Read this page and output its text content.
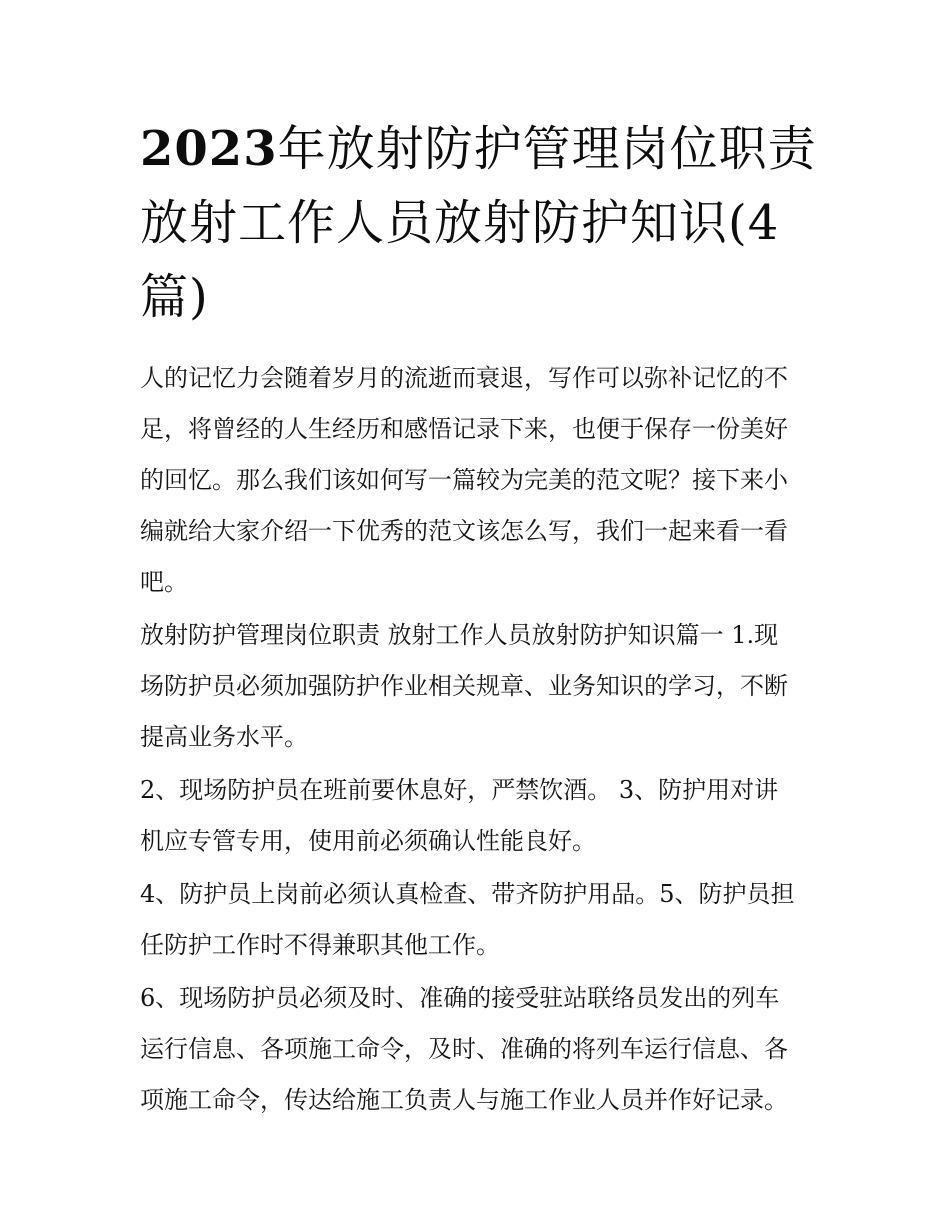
2023年放射防护管理岗位职责
放射工作人员放射防护知识(4
篇)

人的记忆力会随着岁月的流逝而衰退，写作可以弥补记忆的不
足，将曾经的人生经历和感悟记录下来，也便于保存一份美好
的回忆。那么我们该如何写一篇较为完美的范文呢？接下来小
编就给大家介绍一下优秀的范文该怎么写，我们一起来看一看
吧。

放射防护管理岗位职责 放射工作人员放射防护知识篇一 1.现
场防护员必须加强防护作业相关规章、业务知识的学习，不断
提高业务水平。

2、现场防护员在班前要休息好，严禁饮酒。 3、防护用对讲
机应专管专用，使用前必须确认性能良好。

4、防护员上岗前必须认真检查、带齐防护用品。5、防护员担
任防护工作时不得兼职其他工作。

6、现场防护员必须及时、准确的接受驻站联络员发出的列车
运行信息、各项施工命令，及时、准确的将列车运行信息、各
项施工命令，传达给施工负责人与施工作业人员并作好记录。
